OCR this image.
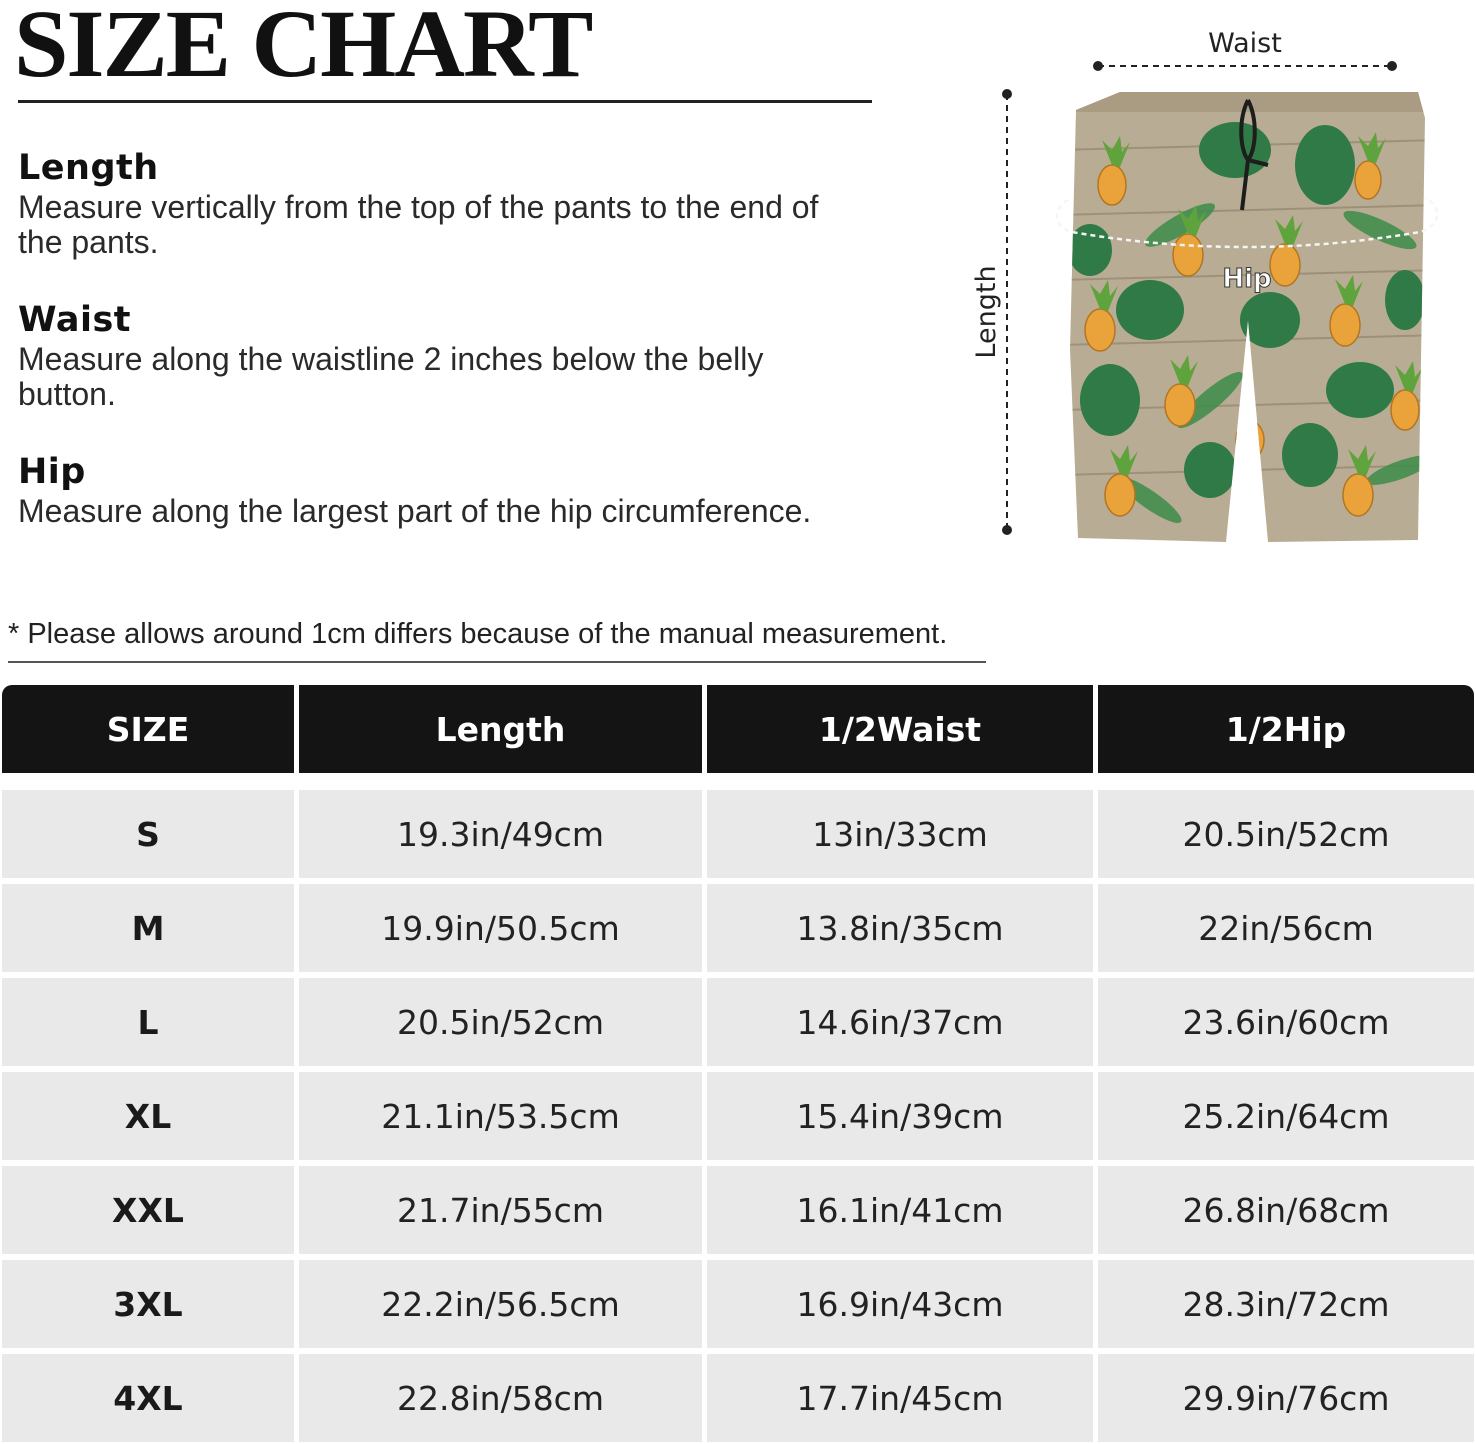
SIZE CHART
Length

Measure vertically from the top of the pants to the end of the pants.

Waist

Measure along the waistline 2 inches below the belly button.

Hip

Measure along the largest part of the hip circumference.

* Please allows around 1cm differs because of the manual measurement.
Waist
Length	Hip
SIZE	Length	1/2Waist	1/2Hip
S	19.3in/49cm	13in/33cm	20.5in/52cm
M	19.9in/50.5cm	13.8in/35cm	22in/56cm
L	20.5in/52cm	14.6in/37cm	23.6in/60cm
XL	21.1in/53.5cm	15.4in/39cm	25.2in/64cm
XXL	21.7in/55cm	16.1in/41cm	26.8in/68cm
3XL	22.2in/56.5cm	16.9in/43cm	28.3in/72cm
4XL	22.8in/58cm	17.7in/45cm	29.9in/76cm
